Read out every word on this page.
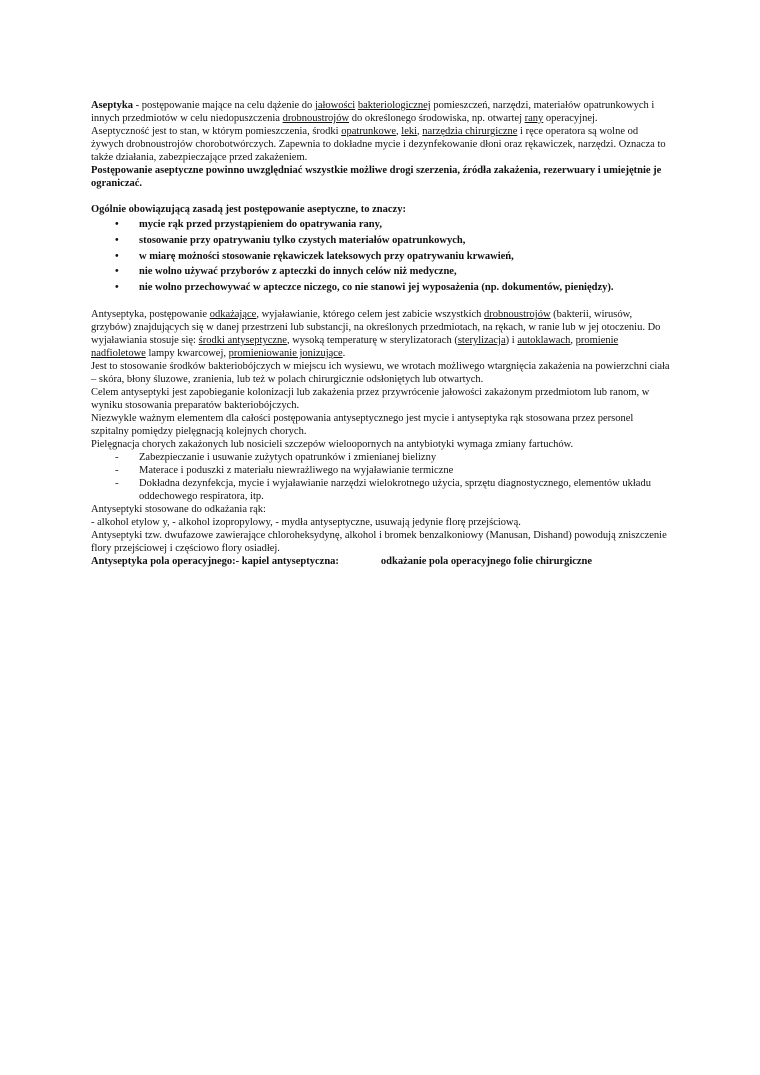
Aseptyka - postępowanie mające na celu dążenie do jałowości bakteriologicznej pomieszczeń, narzędzi, materiałów opatrunkowych i innych przedmiotów w celu niedopuszczenia drobnoustrojów do określonego środowiska, np. otwartej rany operacyjnej.

Aseptyczność jest to stan, w którym pomieszczenia, środki opatrunkowe, leki, narzędzia chirurgiczne i ręce operatora są wolne od żywych drobnoustrojów chorobotwórczych. Zapewnia to dokładne mycie i dezynfekowanie dłoni oraz rękawiczek, narzędzi. Oznacza to także działania, zabezpieczające przed zakażeniem.

Postępowanie aseptyczne powinno uwzględniać wszystkie możliwe drogi szerzenia, źródła zakażenia, rezerwuary i umiejętnie je ograniczać.

Ogólnie obowiązującą zasadą jest postępowanie aseptyczne, to znaczy:

• mycie rąk przed przystąpieniem do opatrywania rany,
• stosowanie przy opatrywaniu tylko czystych materiałów opatrunkowych,
• w miarę możności stosowanie rękawiczek lateksowych przy opatrywaniu krwawień,
• nie wolno używać przyborów z apteczki do innych celów niż medyczne,
• nie wolno przechowywać w apteczce niczego, co nie stanowi jej wyposażenia (np. dokumentów, pieniędzy).

Antyseptyka, postępowanie odkażające, wyjaławianie, którego celem jest zabicie wszystkich drobnoustrojów (bakterii, wirusów, grzybów) znajdujących się w danej przestrzeni lub substancji, na określonych przedmiotach, na rękach, w ranie lub w jej otoczeniu. Do wyjaławiania stosuje się: środki antyseptyczne, wysoką temperaturę w sterylizatorach (sterylizacja) i autoklawach, promienie nadfioletowe lampy kwarcowej, promieniowanie jonizujące.

Jest to stosowanie środków bakteriobójczych w miejscu ich wysiewu, we wrotach możliwego wtargnięcia zakażenia na powierzchni ciała – skóra, błony śluzowe, zranienia, lub też w polach chirurgicznie odsłoniętych lub otwartych.

Celem antyseptyki jest zapobieganie kolonizacji lub zakażenia przez przywrócenie jałowości zakażonym przedmiotom lub ranom, w wyniku stosowania preparatów bakteriobójczych.

Niezwykle ważnym elementem dla całości postępowania antyseptycznego jest mycie i antyseptyka rąk stosowana przez personel szpitalny pomiędzy pielęgnacją kolejnych chorych.

Pielęgnacja chorych zakażonych lub nosicieli szczepów wieloopornych na antybiotyki wymaga zmiany fartuchów.

- Zabezpieczanie i usuwanie zużytych opatrunków i zmienianej bielizny
- Materace i poduszki z materiału niewrażliwego na wyjaławianie termiczne
- Dokładna dezynfekcja, mycie i wyjaławianie narzędzi wielokrotnego użycia, sprzętu diagnostycznego, elementów układu oddechowego respiratora, itp.

Antyseptyki stosowane do odkażania rąk:

- alkohol etylow y, - alkohol izopropylowy, - mydła antyseptyczne, usuwają jedynie florę przejściową.

Antyseptyki tzw. dwufazowe zawierające chloroheksydynę, alkohol i bromek benzalkoniowy (Manusan, Dishand) powodują zniszczenie flory przejściowej i częściowo flory osiadłej.

Antyseptyka pola operacyjnego:- kapiel antyseptyczna:	odkażanie pola operacyjnego folie chirurgiczne
